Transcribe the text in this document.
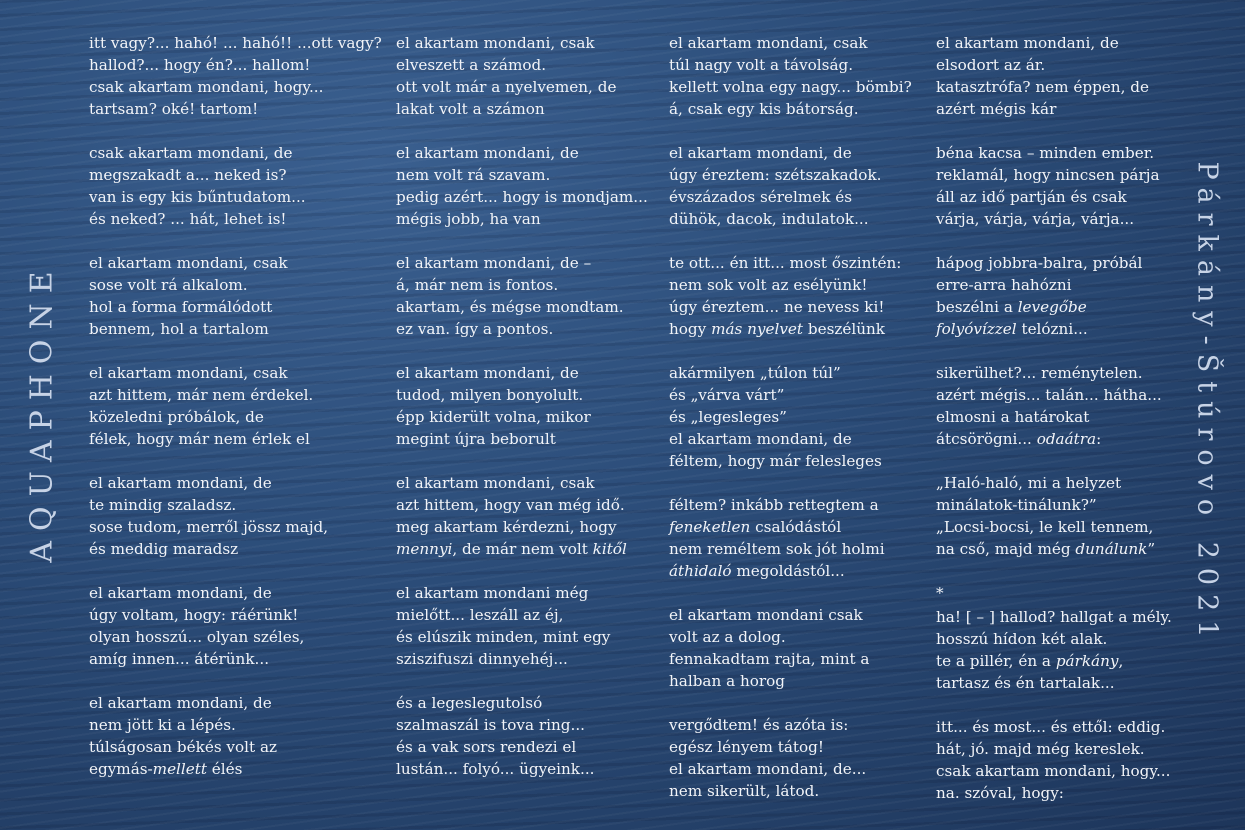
AQUAPHONE	Párkány-Štúrovo 2021
itt vagy?... hahó! ... hahó!! ...ott vagy?
hallod?... hogy én?... hallom!
csak akartam mondani, hogy...
tartsam? oké! tartom!
csak akartam mondani, de
megszakadt a... neked is?
van is egy kis bűntudatom...
és neked? ... hát, lehet is!
el akartam mondani, csak
sose volt rá alkalom.
hol a forma formálódott
bennem, hol a tartalom
el akartam mondani, csak
azt hittem, már nem érdekel.
közeledni próbálok, de
félek, hogy már nem érlek el
el akartam mondani, de
te mindig szaladsz.
sose tudom, merről jössz majd,
és meddig maradsz
el akartam mondani, de
úgy voltam, hogy: ráérünk!
olyan hosszú... olyan széles,
amíg innen... átérünk...
el akartam mondani, de
nem jött ki a lépés.
túlságosan békés volt az
egymás-mellett élés
el akartam mondani, csak
elveszett a számod.
ott volt már a nyelvemen, de
lakat volt a számon
el akartam mondani, de
nem volt rá szavam.
pedig azért... hogy is mondjam...
mégis jobb, ha van
el akartam mondani, de –
á, már nem is fontos.
akartam, és mégse mondtam.
ez van. így a pontos.
el akartam mondani, de
tudod, milyen bonyolult.
épp kiderült volna, mikor
megint újra beborult
el akartam mondani, csak
azt hittem, hogy van még idő.
meg akartam kérdezni, hogy
mennyi, de már nem volt kitől
el akartam mondani még
mielőtt... leszáll az éj,
és elúszik minden, mint egy
sziszifuszi dinnyehéj...
és a legeslegutolsó
szalmaszál is tova ring...
és a vak sors rendezi el
lustán... folyó... ügyeink...
el akartam mondani, csak
túl nagy volt a távolság.
kellett volna egy nagy... bömbi?
á, csak egy kis bátorság.
el akartam mondani, de
úgy éreztem: szétszakadok.
évszázados sérelmek és
dühök, dacok, indulatok...
te ott... én itt... most őszintén:
nem sok volt az esélyünk!
úgy éreztem... ne nevess ki!
hogy más nyelvet beszélünk
akármilyen „túlon túl”
és „várva várt”
és „legesleges”
el akartam mondani, de
féltem, hogy már felesleges
féltem? inkább rettegtem a
feneketlen csalódástól
nem reméltem sok jót holmi
áthidaló megoldástól...
el akartam mondani csak
volt az a dolog.
fennakadtam rajta, mint a
halban a horog
vergődtem! és azóta is:
egész lényem tátog!
el akartam mondani, de...
nem sikerült, látod.
el akartam mondani, de
elsodort az ár.
katasztrófa? nem éppen, de
azért mégis kár
béna kacsa – minden ember.
reklamál, hogy nincsen párja
áll az idő partján és csak
várja, várja, várja, várja...
hápog jobbra-balra, próbál
erre-arra hahózni
beszélni a levegőbe
folyóvízzel telózni...
sikerülhet?... reménytelen.
azért mégis... talán... hátha...
elmosni a határokat
átcsörögni... odaátra:
„Haló-haló, mi a helyzet
minálatok-tinálunk?”
„Locsi-bocsi, le kell tennem,
na cső, majd még dunálunk”
*
ha! [ – ] hallod? hallgat a mély.
hosszú hídon két alak.
te a pillér, én a párkány,
tartasz és én tartalak...
itt... és most... és ettől: eddig.
hát, jó. majd még kereslek.
csak akartam mondani, hogy...
na. szóval, hogy:
